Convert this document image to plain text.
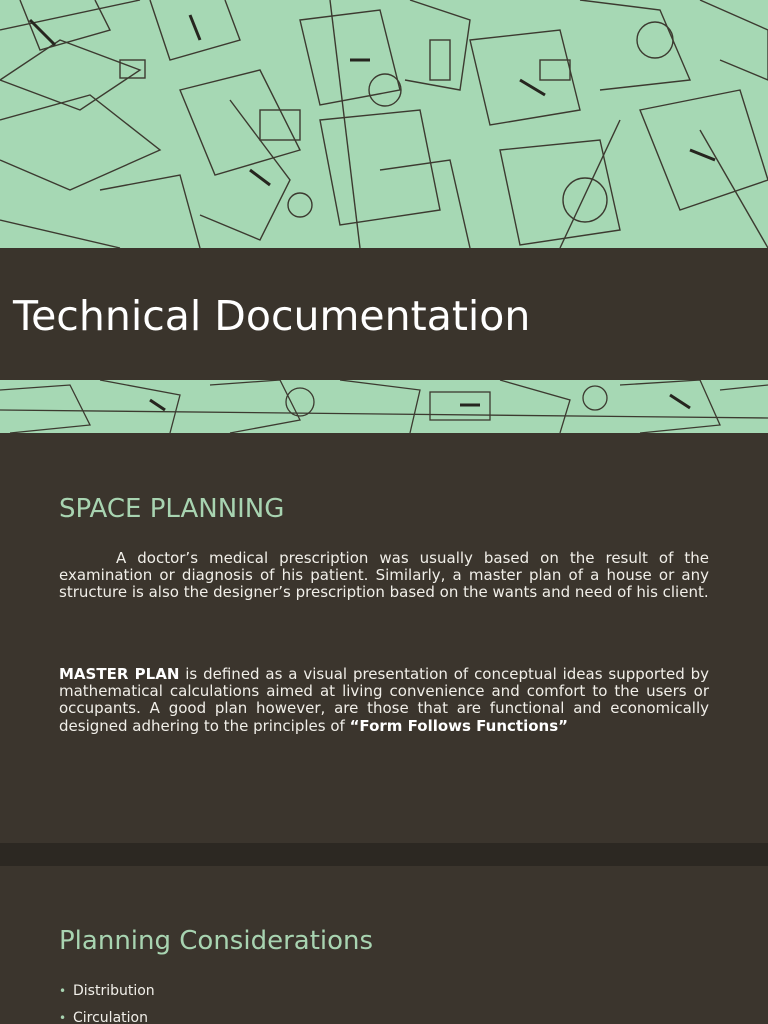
Technical Documentation
SPACE PLANNING

A doctor’s medical prescription was usually based on the result of the examination or diagnosis of his patient. Similarly, a master plan of a house or any structure is also the designer’s prescription based on the wants and need of his client.

MASTER PLAN is defined as a visual presentation of conceptual ideas supported by mathematical calculations aimed at living convenience and comfort to the users or occupants. A good plan however, are those that are functional and economically designed adhering to the principles of “Form Follows Functions”

Planning Considerations
• Distribution
• Circulation
